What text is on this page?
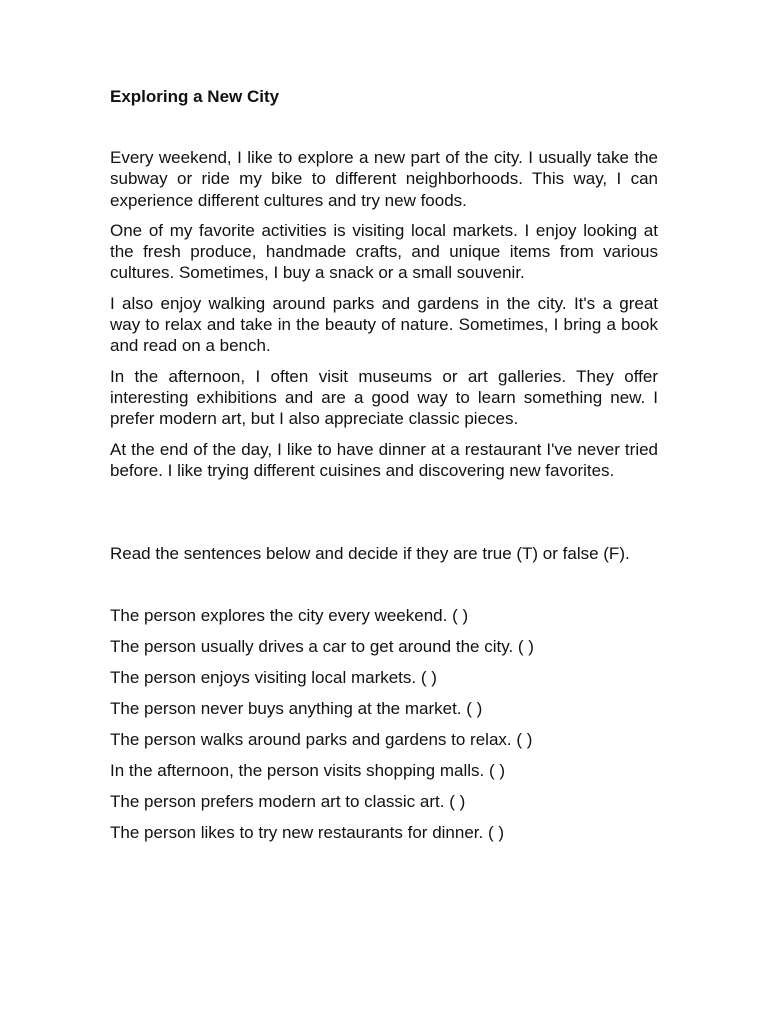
Exploring a New City

Every weekend, I like to explore a new part of the city. I usually take the subway or ride my bike to different neighborhoods. This way, I can experience different cultures and try new foods.

One of my favorite activities is visiting local markets. I enjoy looking at the fresh produce, handmade crafts, and unique items from various cultures. Sometimes, I buy a snack or a small souvenir.

I also enjoy walking around parks and gardens in the city. It's a great way to relax and take in the beauty of nature. Sometimes, I bring a book and read on a bench.

In the afternoon, I often visit museums or art galleries. They offer interesting exhibitions and are a good way to learn something new. I prefer modern art, but I also appreciate classic pieces.

At the end of the day, I like to have dinner at a restaurant I've never tried before. I like trying different cuisines and discovering new favorites.

Read the sentences below and decide if they are true (T) or false (F).

The person explores the city every weekend. ( )
The person usually drives a car to get around the city. ( )
The person enjoys visiting local markets. ( )
The person never buys anything at the market. ( )
The person walks around parks and gardens to relax. ( )
In the afternoon, the person visits shopping malls. ( )
The person prefers modern art to classic art. ( )
The person likes to try new restaurants for dinner. ( )
